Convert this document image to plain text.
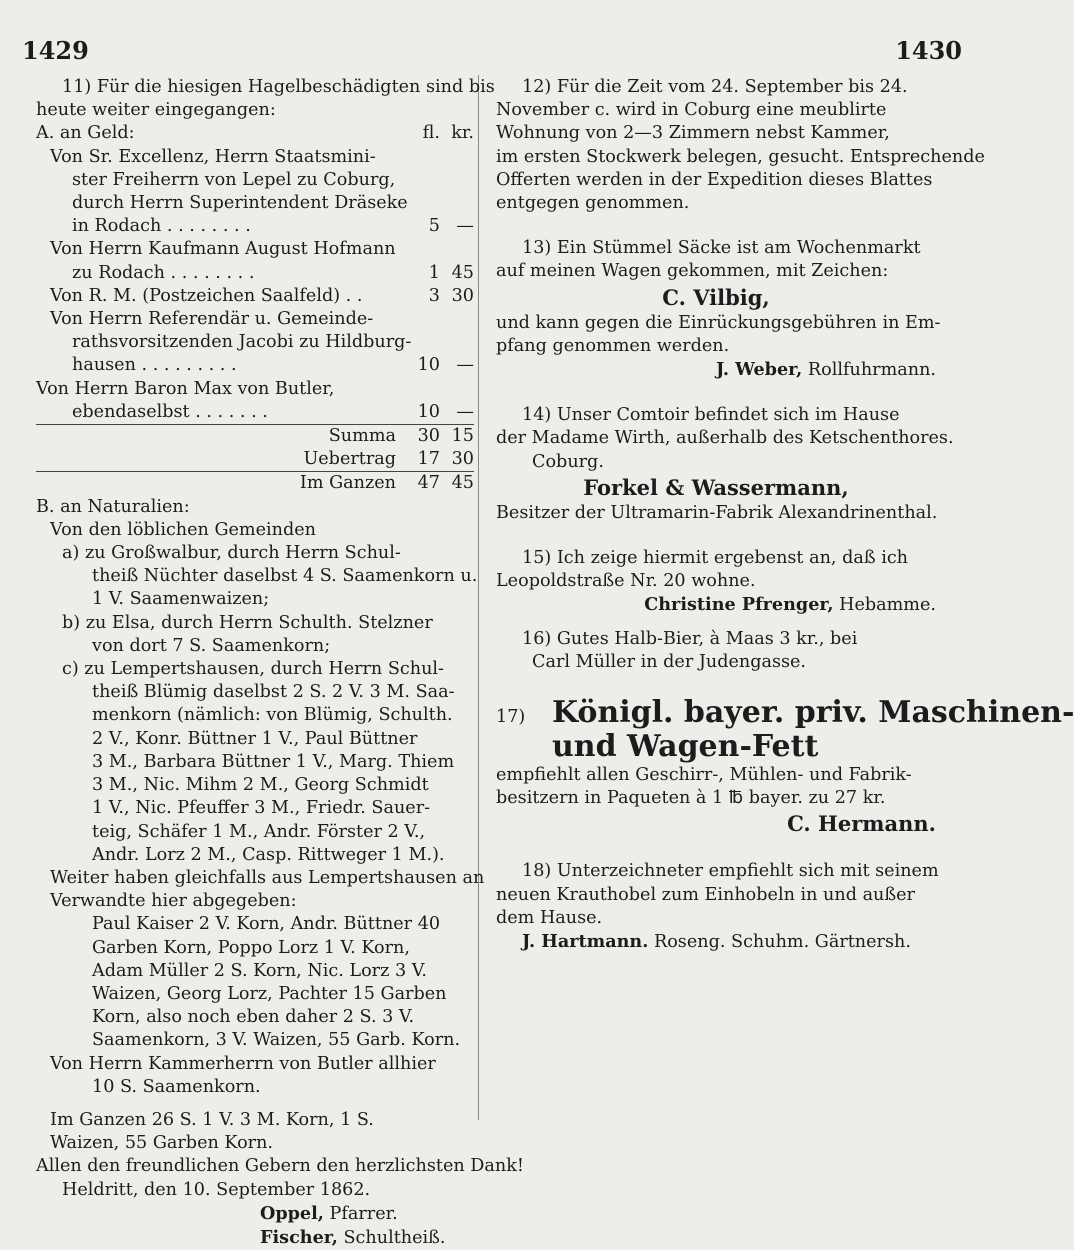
1429	1430
11) Für die hiesigen Hagelbeschädigten sind bis
heute weiter eingegangen:
A. an Geld:	fl. kr.
Von Sr. Excellenz, Herrn Staatsmini-
ster Freiherrn von Lepel zu Coburg,
durch Herrn Superintendent Dräseke
in Rodach . . . . . . . .	5 —
Von Herrn Kaufmann August Hofmann
zu Rodach . . . . . . . .	1 45
Von R. M. (Postzeichen Saalfeld) . .	3 30
Von Herrn Referendär u. Gemeinde-
rathsvorsitzenden Jacobi zu Hildburg-
hausen . . . . . . . . .	10 —
Von Herrn Baron Max von Butler,
ebendaselbst . . . . . . .	10 —
Summa	30 15
Uebertrag	17 30
Im Ganzen	47 45
B. an Naturalien:
Von den löblichen Gemeinden
a) zu Großwalbur, durch Herrn Schul-
theiß Nüchter daselbst 4 S. Saamenkorn u.
1 V. Saamenwaizen;
b) zu Elsa, durch Herrn Schulth. Stelzner
von dort 7 S. Saamenkorn;
c) zu Lempertshausen, durch Herrn Schul-
theiß Blümig daselbst 2 S. 2 V. 3 M. Saa-
menkorn (nämlich: von Blümig, Schulth.
2 V., Konr. Büttner 1 V., Paul Büttner
3 M., Barbara Büttner 1 V., Marg. Thiem
3 M., Nic. Mihm 2 M., Georg Schmidt
1 V., Nic. Pfeuffer 3 M., Friedr. Sauer-
teig, Schäfer 1 M., Andr. Förster 2 V.,
Andr. Lorz 2 M., Casp. Rittweger 1 M.).
Weiter haben gleichfalls aus Lempertshausen an
Verwandte hier abgegeben:
Paul Kaiser 2 V. Korn, Andr. Büttner 40
Garben Korn, Poppo Lorz 1 V. Korn,
Adam Müller 2 S. Korn, Nic. Lorz 3 V.
Waizen, Georg Lorz, Pachter 15 Garben
Korn, also noch eben daher 2 S. 3 V.
Saamenkorn, 3 V. Waizen, 55 Garb. Korn.
Von Herrn Kammerherrn von Butler allhier
10 S. Saamenkorn.
Im Ganzen 26 S. 1 V. 3 M. Korn, 1 S.
Waizen, 55 Garben Korn.
Allen den freundlichen Gebern den herzlichsten Dank!
Heldritt, den 10. September 1862.
Oppel, Pfarrer.
Fischer, Schultheiß.
12) Für die Zeit vom 24. September bis 24.
November c. wird in Coburg eine meublirte
Wohnung von 2—3 Zimmern nebst Kammer,
im ersten Stockwerk belegen, gesucht. Entsprechende
Offerten werden in der Expedition dieses Blattes
entgegen genommen.
13) Ein Stümmel Säcke ist am Wochenmarkt
auf meinen Wagen gekommen, mit Zeichen:
C. Vilbig,
und kann gegen die Einrückungsgebühren in Em-
pfang genommen werden.
J. Weber, Rollfuhrmann.
14) Unser Comtoir befindet sich im Hause
der Madame Wirth, außerhalb des Ketschenthores.
Coburg.
Forkel & Wassermann,
Besitzer der Ultramarin-Fabrik Alexandrinenthal.
15) Ich zeige hiermit ergebenst an, daß ich
Leopoldstraße Nr. 20 wohne.
Christine Pfrenger, Hebamme.
16) Gutes Halb-Bier, à Maas 3 kr., bei
Carl Müller in der Judengasse.
17) Königl. bayer. priv. Maschinen-
und Wagen-Fett
empfiehlt allen Geschirr-, Mühlen- und Fabrik-
besitzern in Paqueten à 1 ℔ bayer. zu 27 kr.
C. Hermann.
18) Unterzeichneter empfiehlt sich mit seinem
neuen Krauthobel zum Einhobeln in und außer
dem Hause.
J. Hartmann. Roseng. Schuhm. Gärtnersh.
